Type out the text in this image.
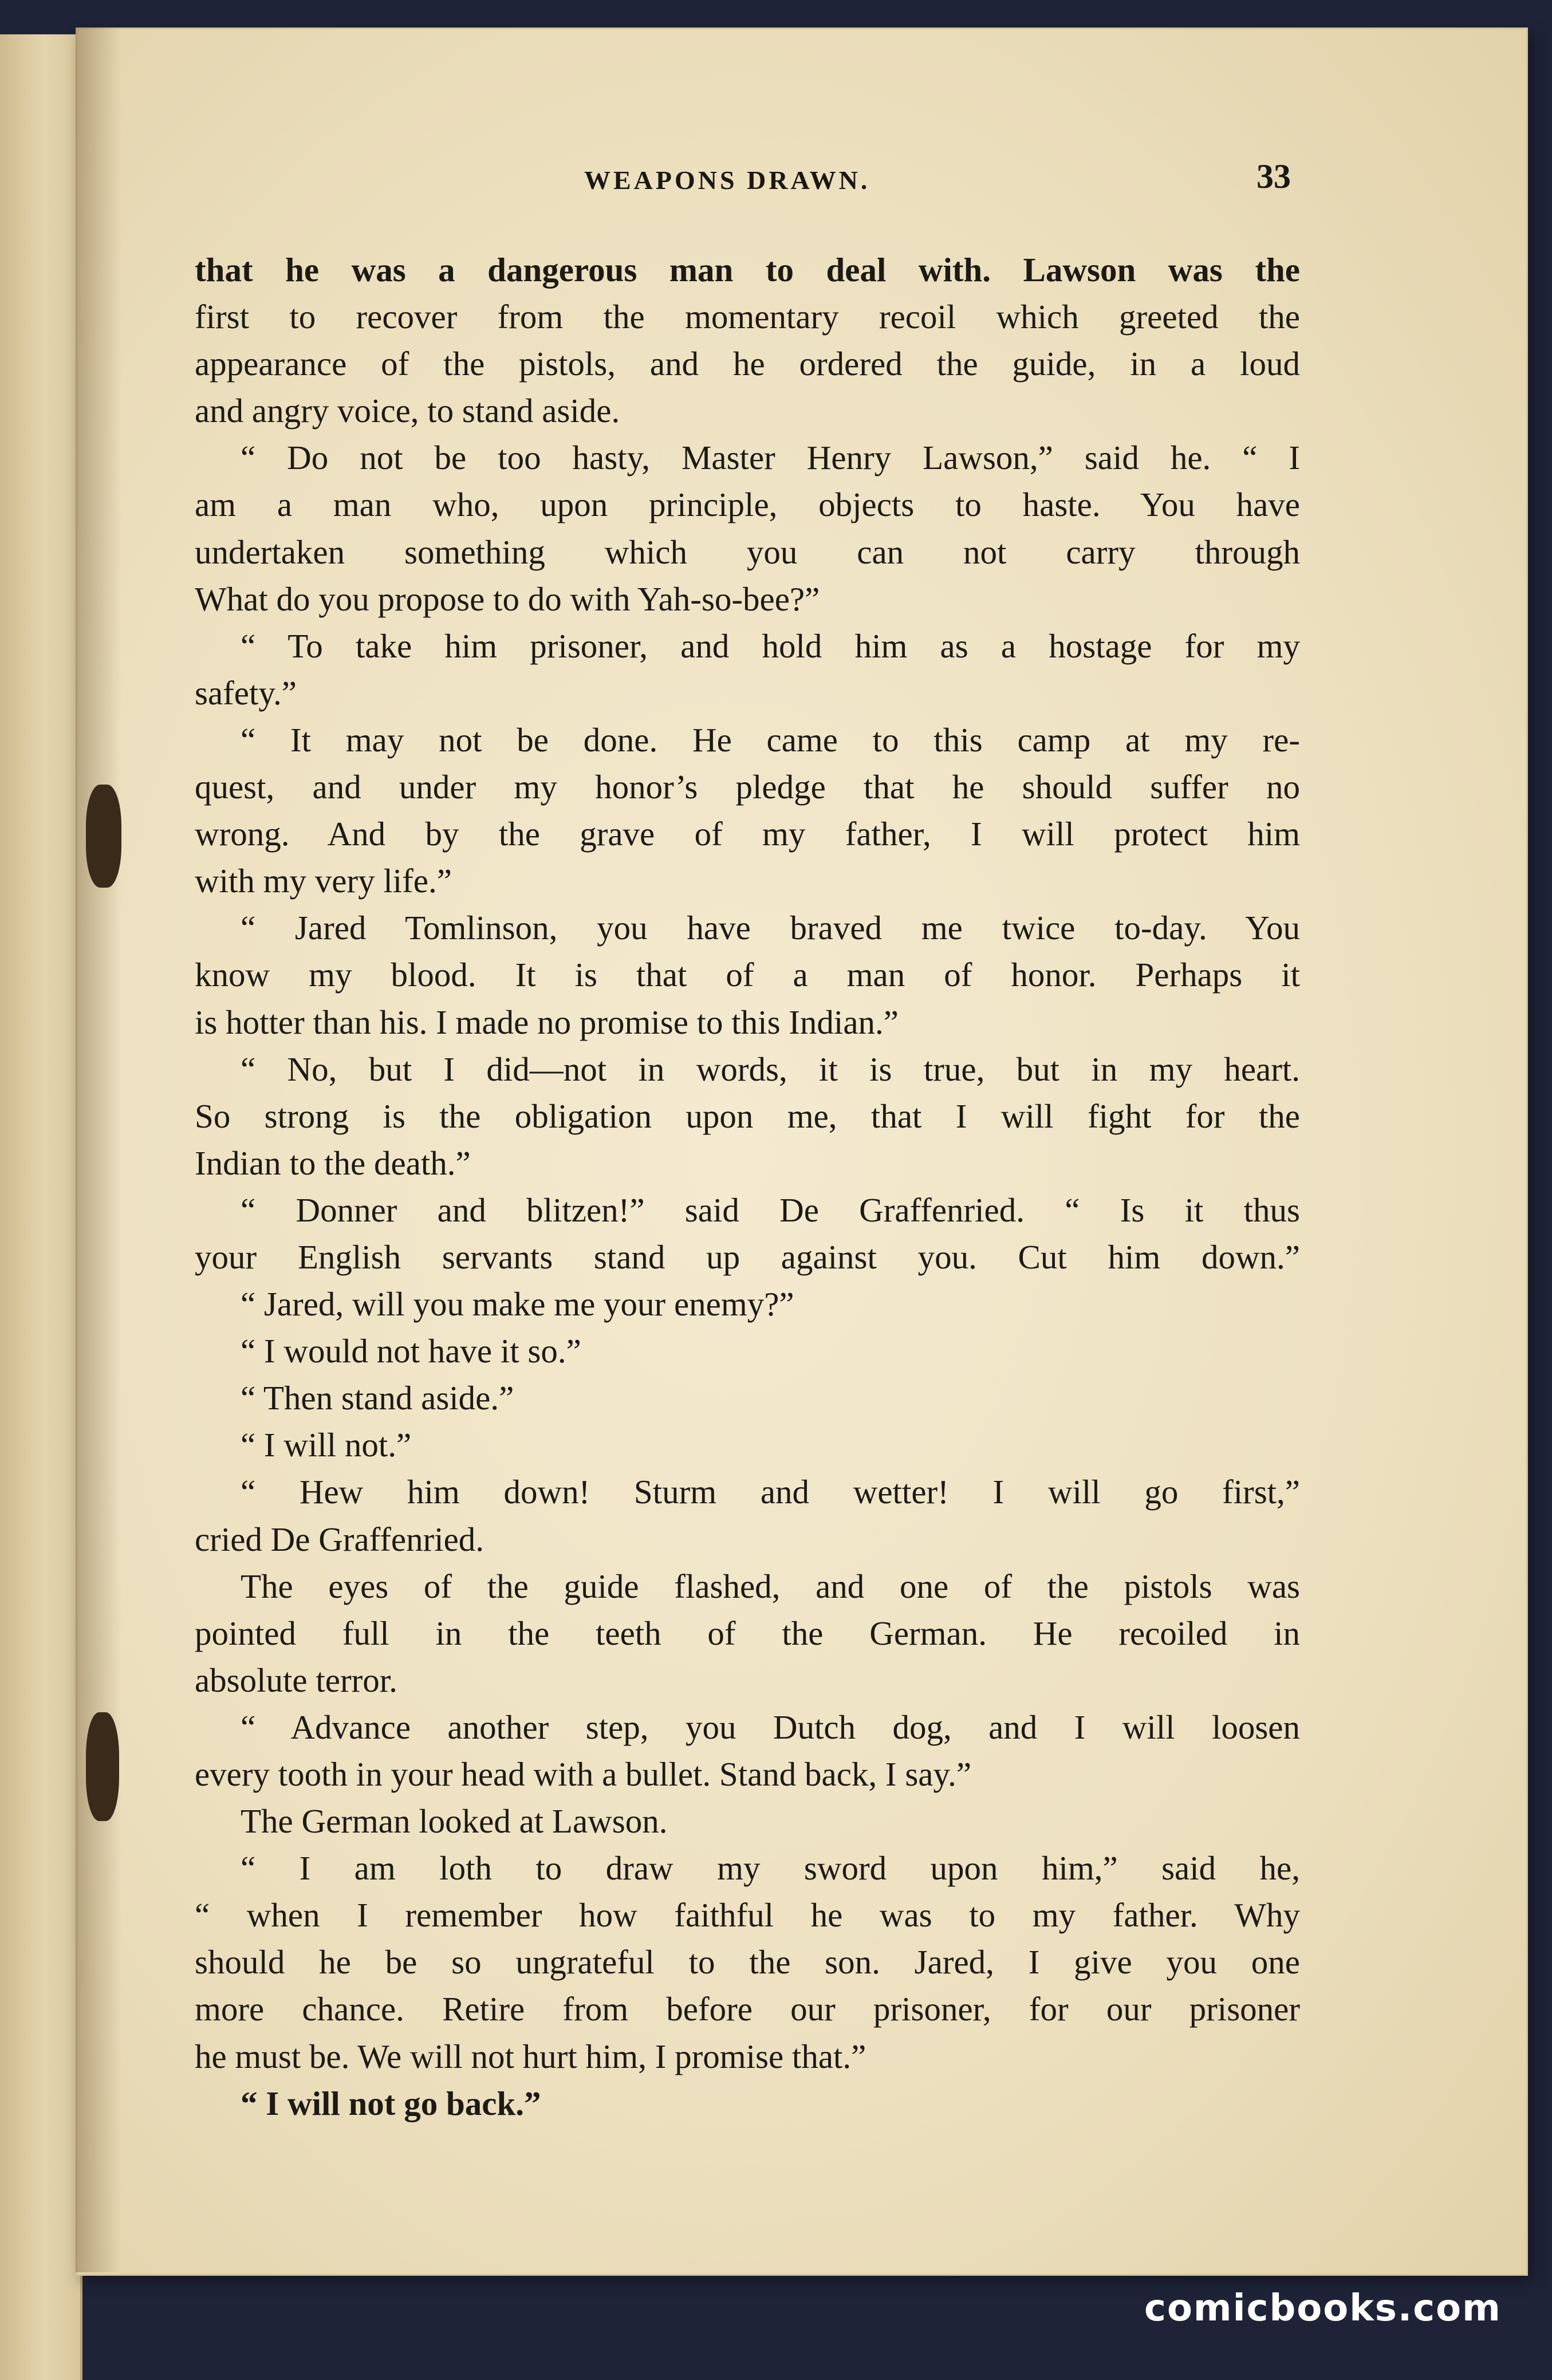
WEAPONS DRAWN.	33
that he was a dangerous man to deal with. Lawson was the
first to recover from the momentary recoil which greeted the
appearance of the pistols, and he ordered the guide, in a loud
and angry voice, to stand aside.
“ Do not be too hasty, Master Henry Lawson,” said he. “ I
am a man who, upon principle, objects to haste. You have
undertaken something which you can not carry through
What do you propose to do with Yah-so-bee?”
“ To take him prisoner, and hold him as a hostage for my
safety.”
“ It may not be done. He came to this camp at my re-
quest, and under my honor’s pledge that he should suffer no
wrong. And by the grave of my father, I will protect him
with my very life.”
“ Jared Tomlinson, you have braved me twice to-day. You
know my blood. It is that of a man of honor. Perhaps it
is hotter than his. I made no promise to this Indian.”
“ No, but I did—not in words, it is true, but in my heart.
So strong is the obligation upon me, that I will fight for the
Indian to the death.”
“ Donner and blitzen!” said De Graffenried. “ Is it thus
your English servants stand up against you. Cut him down.”
“ Jared, will you make me your enemy?”
“ I would not have it so.”
“ Then stand aside.”
“ I will not.”
“ Hew him down! Sturm and wetter! I will go first,”
cried De Graffenried.
The eyes of the guide flashed, and one of the pistols was
pointed full in the teeth of the German. He recoiled in
absolute terror.
“ Advance another step, you Dutch dog, and I will loosen
every tooth in your head with a bullet. Stand back, I say.”
The German looked at Lawson.
“ I am loth to draw my sword upon him,” said he,
“ when I remember how faithful he was to my father. Why
should he be so ungrateful to the son. Jared, I give you one
more chance. Retire from before our prisoner, for our prisoner
he must be. We will not hurt him, I promise that.”
“ I will not go back.”
comicbooks.com
